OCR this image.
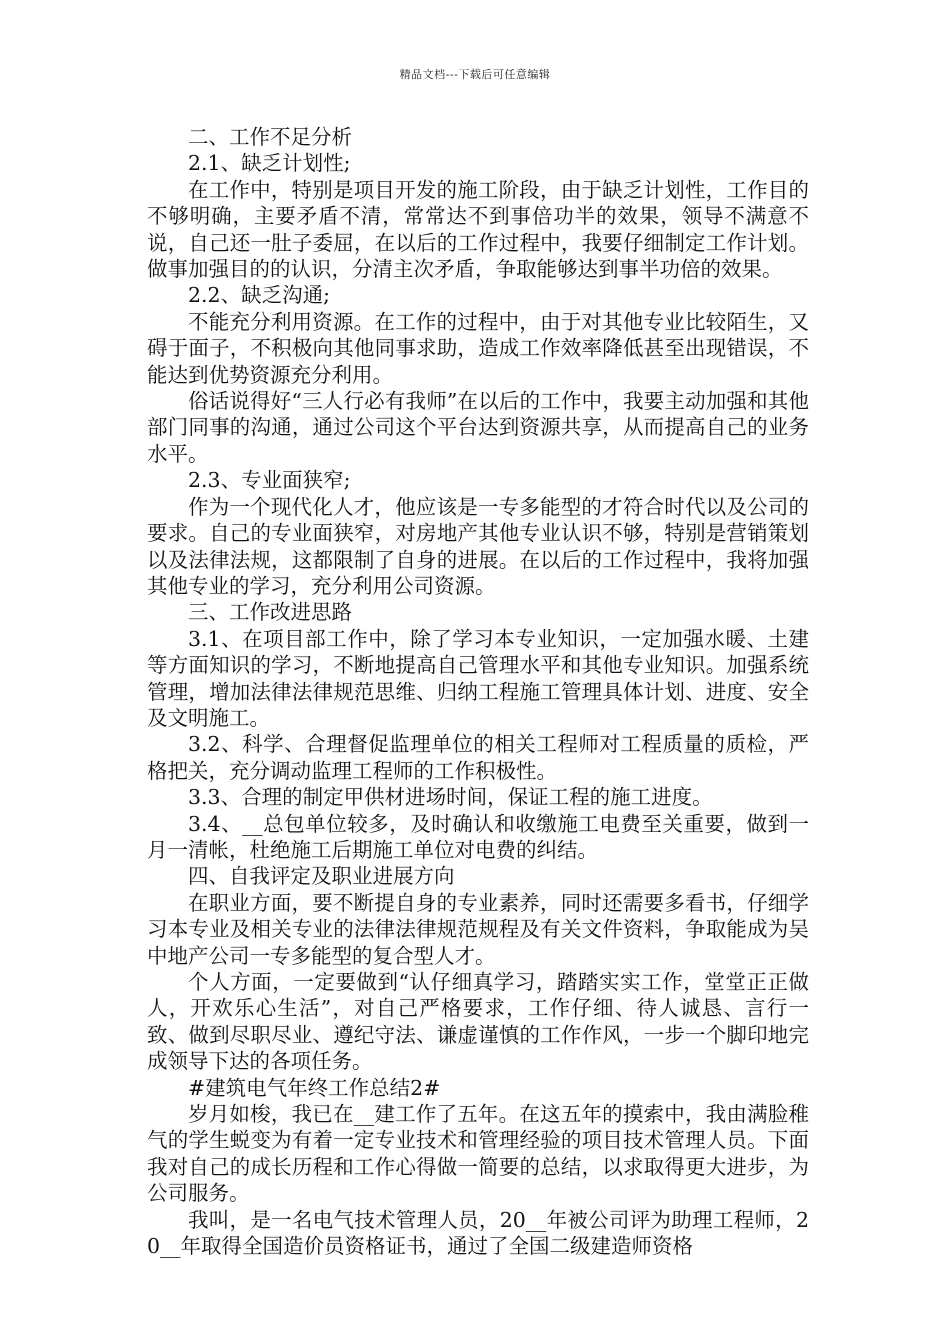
精品文档---下载后可任意编辑

二、工作不足分析

2.1、缺乏计划性;

在工作中，特别是项目开发的施工阶段，由于缺乏计划性，工作目的不够明确，主要矛盾不清，常常达不到事倍功半的效果，领导不满意不说，自己还一肚子委屈，在以后的工作过程中，我要仔细制定工作计划。做事加强目的的认识，分清主次矛盾，争取能够达到事半功倍的效果。

2.2、缺乏沟通;

不能充分利用资源。在工作的过程中，由于对其他专业比较陌生，又碍于面子，不积极向其他同事求助，造成工作效率降低甚至出现错误，不能达到优势资源充分利用。

俗话说得好“三人行必有我师”在以后的工作中，我要主动加强和其他部门同事的沟通，通过公司这个平台达到资源共享，从而提高自己的业务水平。

2.3、专业面狭窄;

作为一个现代化人才，他应该是一专多能型的才符合时代以及公司的要求。自己的专业面狭窄，对房地产其他专业认识不够，特别是营销策划以及法律法规，这都限制了自身的进展。在以后的工作过程中，我将加强其他专业的学习，充分利用公司资源。

三、工作改进思路

3.1、在项目部工作中，除了学习本专业知识，一定加强水暖、土建等方面知识的学习，不断地提高自己管理水平和其他专业知识。加强系统管理，增加法律法律规范思维、归纳工程施工管理具体计划、进度、安全及文明施工。

3.2、科学、合理督促监理单位的相关工程师对工程质量的质检，严格把关，充分调动监理工程师的工作积极性。

3.3、合理的制定甲供材进场时间，保证工程的施工进度。

3.4、__总包单位较多，及时确认和收缴施工电费至关重要，做到一月一清帐，杜绝施工后期施工单位对电费的纠结。

四、自我评定及职业进展方向

在职业方面，要不断提自身的专业素养，同时还需要多看书，仔细学习本专业及相关专业的法律法律规范规程及有关文件资料，争取能成为吴中地产公司一专多能型的复合型人才。

个人方面，一定要做到“认仔细真学习，踏踏实实工作，堂堂正正做人，开欢乐心生活”，对自己严格要求，工作仔细、待人诚恳、言行一致、做到尽职尽业、遵纪守法、谦虚谨慎的工作作风，一步一个脚印地完成领导下达的各项任务。

#建筑电气年终工作总结2#

岁月如梭，我已在__建工作了五年。在这五年的摸索中，我由满脸稚气的学生蜕变为有着一定专业技术和管理经验的项目技术管理人员。下面我对自己的成长历程和工作心得做一简要的总结，以求取得更大进步，为公司服务。

我叫，是一名电气技术管理人员，20__年被公司评为助理工程师，20__年取得全国造价员资格证书，通过了全国二级建造师资格
